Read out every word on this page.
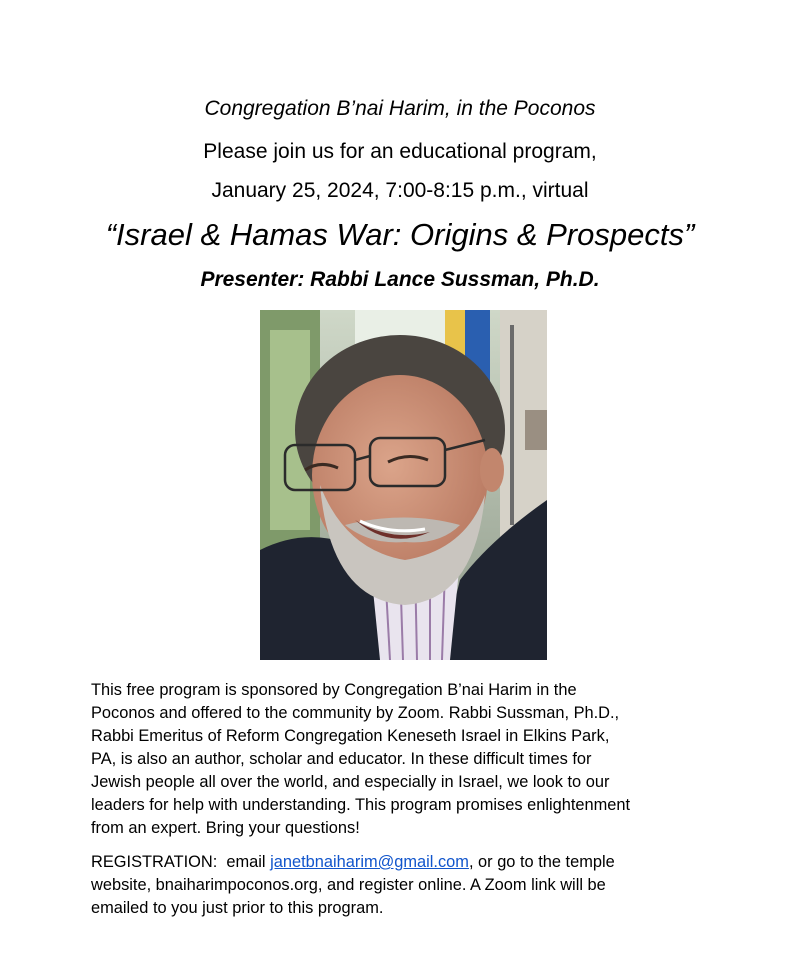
Congregation B’nai Harim, in the Poconos
Please join us for an educational program,
January 25, 2024, 7:00-8:15 p.m., virtual
“Israel & Hamas War: Origins & Prospects”
Presenter: Rabbi Lance Sussman, Ph.D.
This free program is sponsored by Congregation B’nai Harim in the
Poconos and offered to the community by Zoom. Rabbi Sussman, Ph.D.,
Rabbi Emeritus of Reform Congregation Keneseth Israel in Elkins Park,
PA, is also an author, scholar and educator. In these difficult times for
Jewish people all over the world, and especially in Israel, we look to our
leaders for help with understanding. This program promises enlightenment
from an expert. Bring your questions!
REGISTRATION:  email janetbnaiharim@gmail.com, or go to the temple
website, bnaiharimpoconos.org, and register online. A Zoom link will be
emailed to you just prior to this program.
